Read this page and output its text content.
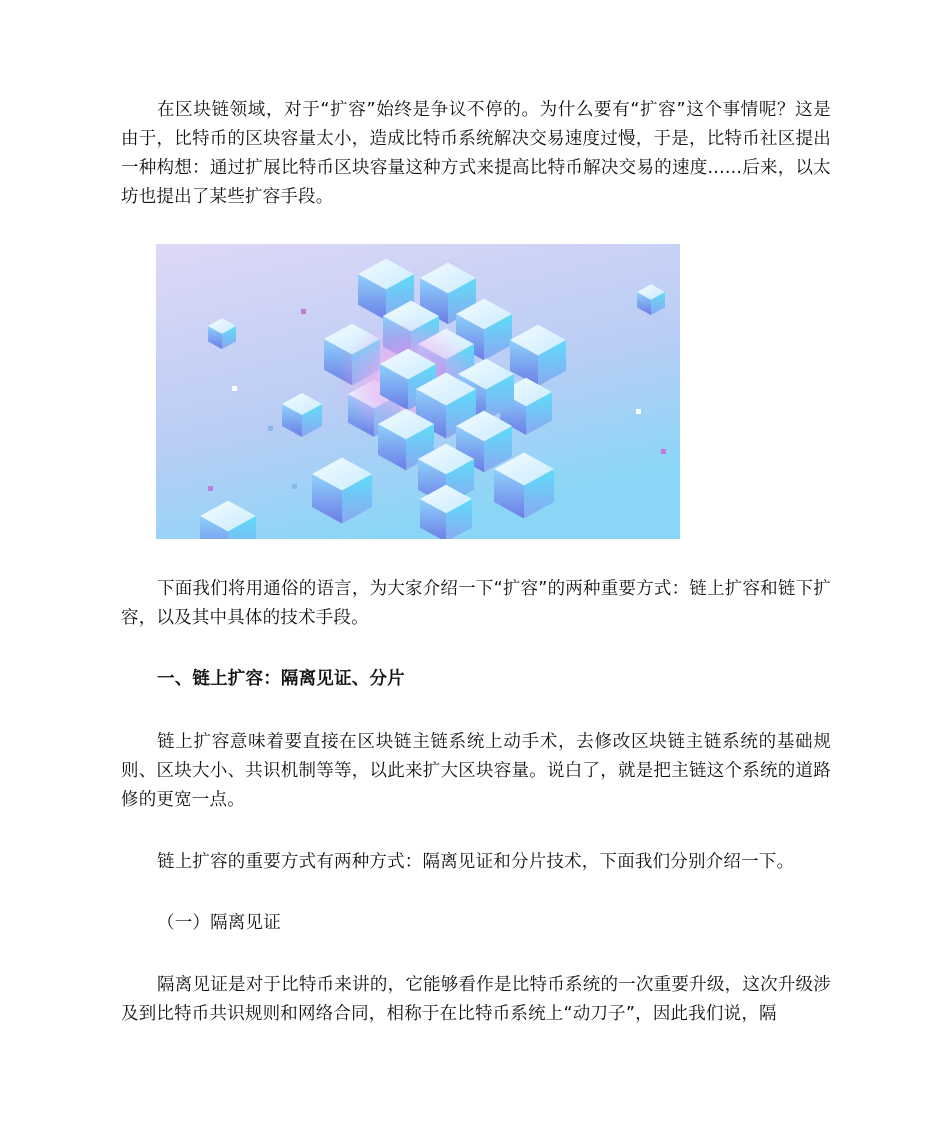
在区块链领域，对于“扩容”始终是争议不停的。为什么要有“扩容”这个事情呢？这是由于，比特币的区块容量太小，造成比特币系统解决交易速度过慢，于是，比特币社区提出一种构想：通过扩展比特币区块容量这种方式来提高比特币解决交易的速度......后来，以太坊也提出了某些扩容手段。

下面我们将用通俗的语言，为大家介绍一下“扩容”的两种重要方式：链上扩容和链下扩容，以及其中具体的技术手段。

一、链上扩容：隔离见证、分片

链上扩容意味着要直接在区块链主链系统上动手术，去修改区块链主链系统的基础规则、区块大小、共识机制等等，以此来扩大区块容量。说白了，就是把主链这个系统的道路修的更宽一点。

链上扩容的重要方式有两种方式：隔离见证和分片技术，下面我们分别介绍一下。

（一）隔离见证

隔离见证是对于比特币来讲的，它能够看作是比特币系统的一次重要升级，这次升级涉及到比特币共识规则和网络合同，相称于在比特币系统上“动刀子”，因此我们说，隔
